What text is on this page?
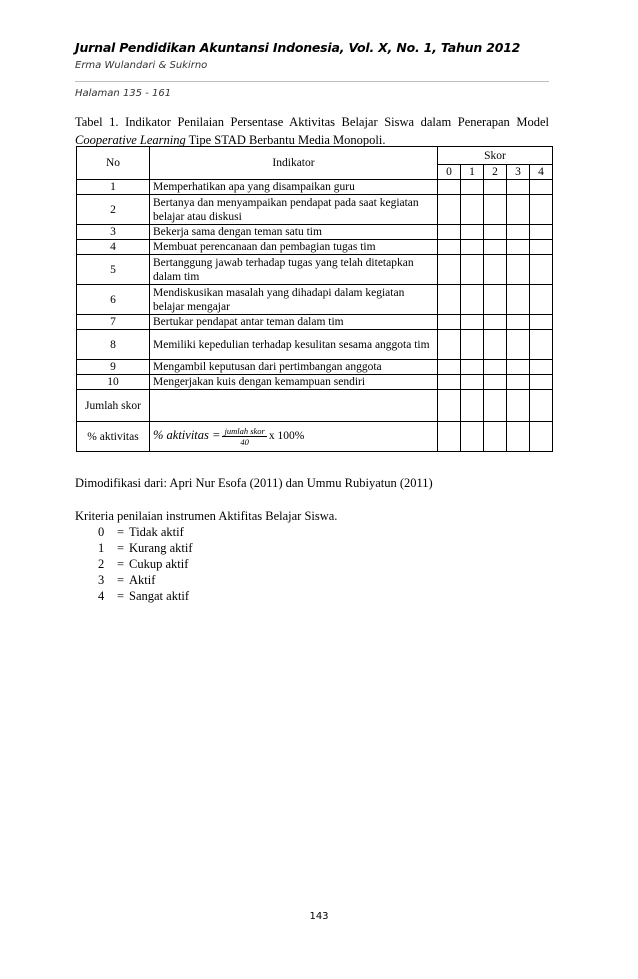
Jurnal Pendidikan Akuntansi Indonesia, Vol. X, No. 1, Tahun 2012
Erma Wulandari & Sukirno
Halaman 135 - 161
Tabel 1. Indikator Penilaian Persentase Aktivitas Belajar Siswa dalam Penerapan Model
Cooperative Learning Tipe STAD Berbantu Media Monopoli.
No	Indikator	Skor				
		0	1	2	3	4
1	Memperhatikan apa yang disampaikan guru					
2	Bertanya dan menyampaikan pendapat pada saat kegiatan belajar atau diskusi					
3	Bekerja sama dengan teman satu tim					
4	Membuat perencanaan dan pembagian tugas tim					
5	Bertanggung jawab terhadap tugas yang telah ditetapkan dalam tim					
6	Mendiskusikan masalah yang dihadapi dalam kegiatan belajar mengajar					
7	Bertukar pendapat antar teman dalam tim					
8	Memiliki kepedulian terhadap kesulitan sesama anggota tim					
9	Mengambil keputusan dari pertimbangan anggota					
10	Mengerjakan kuis dengan kemampuan sendiri					
Jumlah skor						
% aktivitas	% aktivitas = $\frac{\text{jumlah skor}}{40}$ x 100%					
Dimodifikasi dari: Apri Nur Esofa (2011) dan Ummu Rubiyatun (2011)
Kriteria penilaian instrumen Aktifitas Belajar Siswa.
0	= Tidak aktif
1	= Kurang aktif
2	= Cukup aktif
3	= Aktif
4	= Sangat aktif
143
